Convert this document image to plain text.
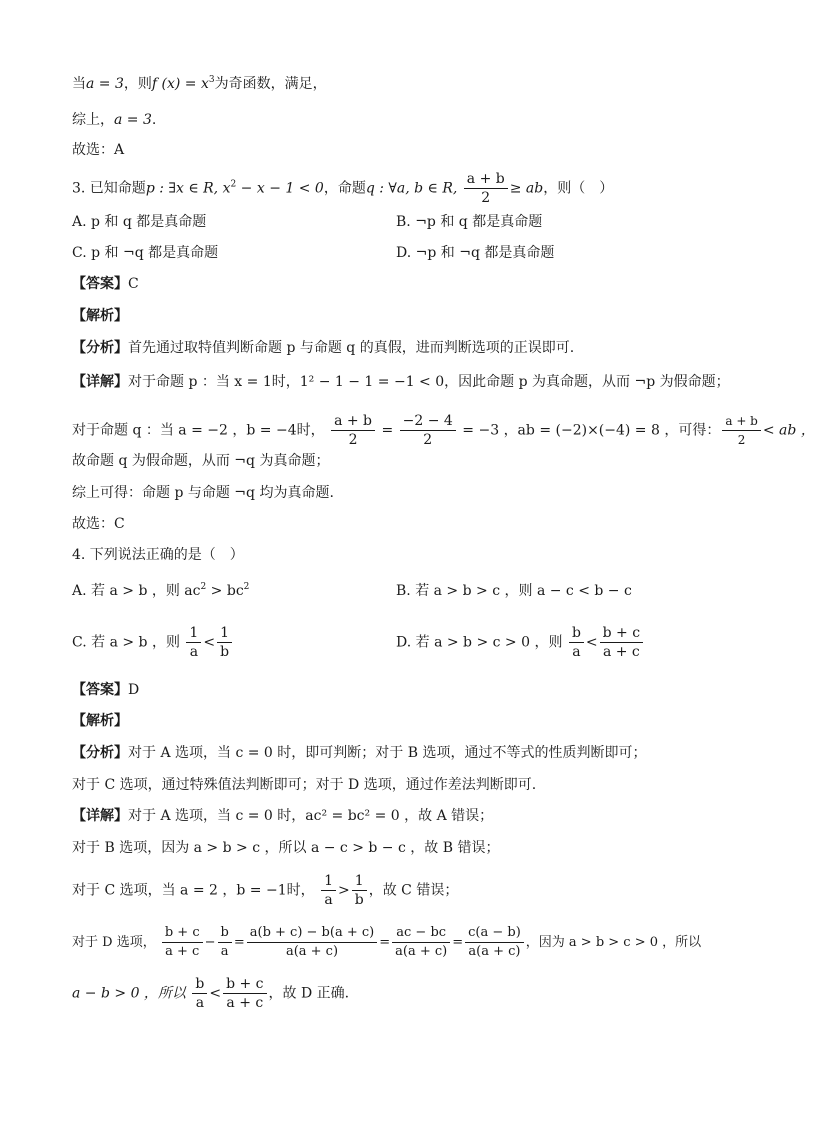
当a = 3，则f $(x) = x^3$为奇函数，满足，
综上，a = 3.
故选：A
3. 已知命题p : ∃x ∈ R, $x^2 - x - 1 < 0$，命题q : ∀a, b ∈ R, $\frac{a + b}{2}$ ≥ ab，则（　）
A. p 和 q 都是真命题	B. ¬p 和 q 都是真命题
C. p 和 ¬q 都是真命题	D. ¬p 和 ¬q 都是真命题
【答案】C
【解析】
【分析】首先通过取特值判断命题 p 与命题 q 的真假，进而判断选项的正误即可.
【详解】对于命题 p ：当 x = 1时，1² − 1 − 1 = −1 < 0，因此命题 p 为真命题，从而 ¬p 为假命题；
对于命题 q ：当 a = −2 ，b = −4时， $\frac{a + b}{2} = \frac{-2 - 4}{2} = -3$ ，ab = (−2)×(−4) = 8 ，可得： $\frac{a + b}{2}$ < ab ，
故命题 q 为假命题，从而 ¬q 为真命题；
综上可得：命题 p 与命题 ¬q 均为真命题.
故选：C
4. 下列说法正确的是（　）
A. 若 a > b ，则 $ac^2 > bc^2$	B. 若 a > b > c ，则 a − c < b − c
C. 若 a > b ，则 $\frac{1}{a} < \frac{1}{b}$	D. 若 a > b > c > 0 ，则 $\frac{b}{a} < \frac{b + c}{a + c}$
【答案】D
【解析】
【分析】对于 A 选项，当 c = 0 时，即可判断；对于 B 选项，通过不等式的性质判断即可；
对于 C 选项，通过特殊值法判断即可；对于 D 选项，通过作差法判断即可.
【详解】对于 A 选项，当 c = 0 时，ac² = bc² = 0 ，故 A 错误；
对于 B 选项，因为 a > b > c ，所以 a − c > b − c ，故 B 错误；
对于 C 选项，当 a = 2 ，b = −1时， $\frac{1}{a} > \frac{1}{b}$ ，故 C 错误；
对于 D 选项， $\frac{b + c}{a + c} - \frac{b}{a} = \frac{a(b + c) - b(a + c)}{a(a + c)} = \frac{ac - bc}{a(a + c)} = \frac{c(a - b)}{a(a + c)}$ ，因为 a > b > c > 0 ，所以
a − b > 0 ，所以 $\frac{b}{a} < \frac{b + c}{a + c}$ ，故 D 正确.
